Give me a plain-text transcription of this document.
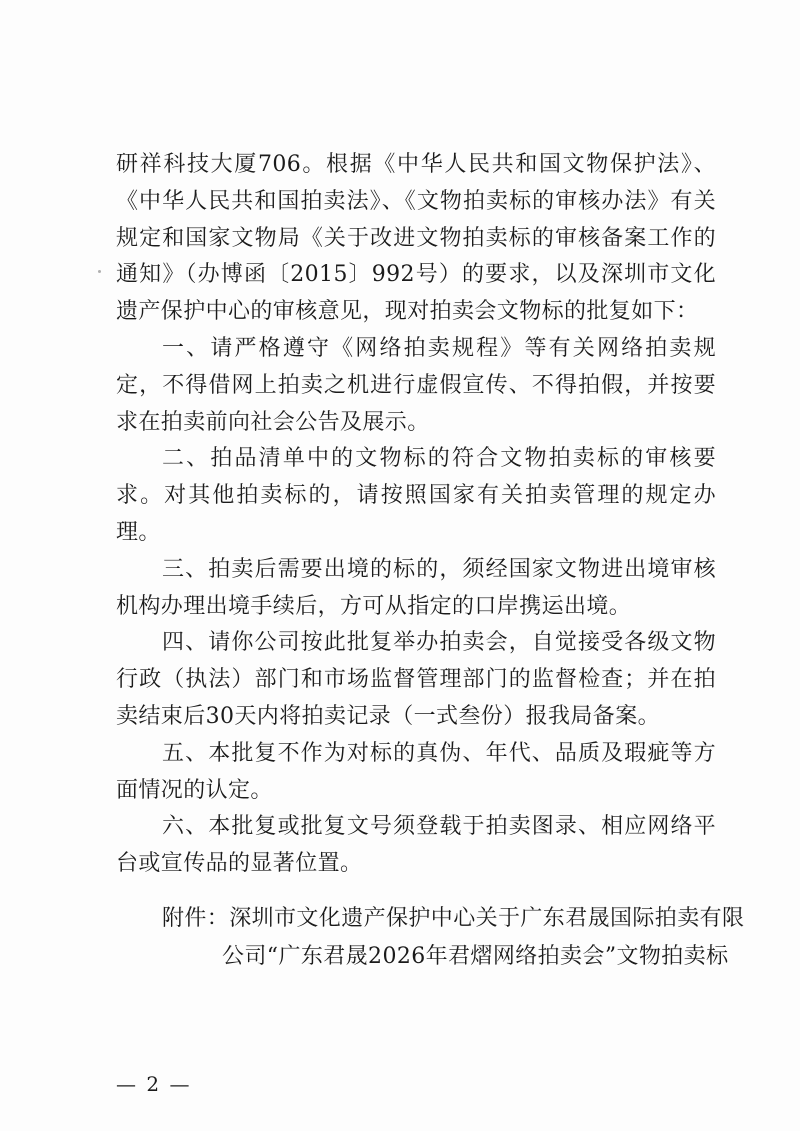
研祥科技大厦706。根据《中华人民共和国文物保护法》、《中华人民共和国拍卖法》、《文物拍卖标的审核办法》有关规定和国家文物局《关于改进文物拍卖标的审核备案工作的通知》（办博函〔2015〕992号）的要求，以及深圳市文化遗产保护中心的审核意见，现对拍卖会文物标的批复如下：

一、请严格遵守《网络拍卖规程》等有关网络拍卖规定，不得借网上拍卖之机进行虚假宣传、不得拍假，并按要求在拍卖前向社会公告及展示。

二、拍品清单中的文物标的符合文物拍卖标的审核要求。对其他拍卖标的，请按照国家有关拍卖管理的规定办理。

三、拍卖后需要出境的标的，须经国家文物进出境审核机构办理出境手续后，方可从指定的口岸携运出境。

四、请你公司按此批复举办拍卖会，自觉接受各级文物行政（执法）部门和市场监督管理部门的监督检查；并在拍卖结束后30天内将拍卖记录（一式叁份）报我局备案。

五、本批复不作为对标的真伪、年代、品质及瑕疵等方面情况的认定。

六、本批复或批复文号须登载于拍卖图录、相应网络平台或宣传品的显著位置。

附件：深圳市文化遗产保护中心关于广东君晟国际拍卖有限
公司“广东君晟2026年君熠网络拍卖会”文物拍卖标
— 2 —
